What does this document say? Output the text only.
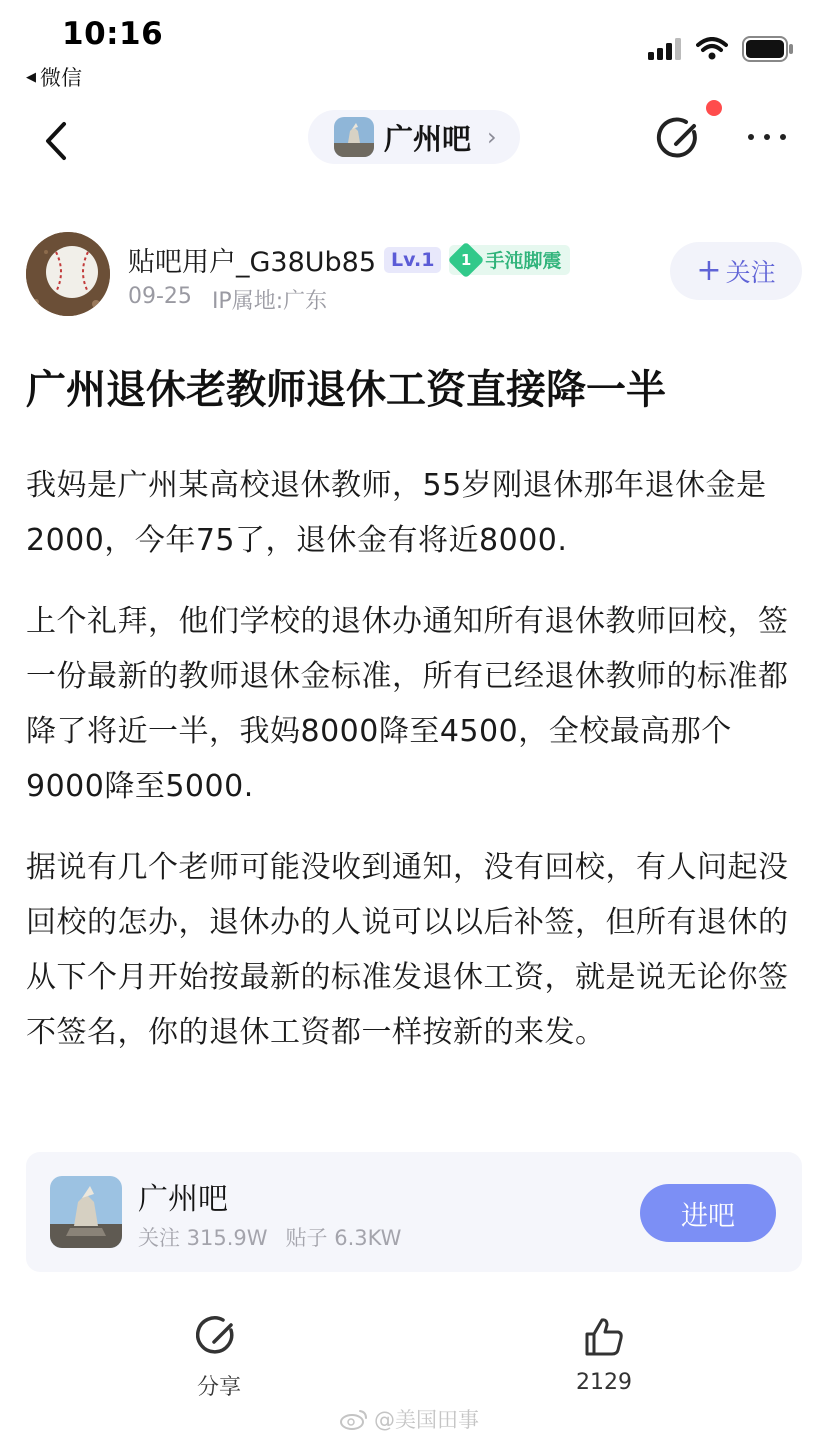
10:16
◀ 微信
广州吧 ›
贴吧用户_G38Ub85 Lv.1	1 手沌脚震
09-25 IP属地:广东
+ 关注
广州退休老教师退休工资直接降一半

我妈是广州某高校退休教师，55岁刚退休那年退休金是2000，今年75了，退休金有将近8000.

上个礼拜，他们学校的退休办通知所有退休教师回校，签一份最新的教师退休金标准，所有已经退休教师的标准都降了将近一半，我妈8000降至4500，全校最高那个9000降至5000.

据说有几个老师可能没收到通知，没有回校，有人问起没回校的怎办，退休办的人说可以以后补签，但所有退休的从下个月开始按最新的标准发退休工资，就是说无论你签不签名，你的退休工资都一样按新的来发。

广州吧
关注 315.9W 贴子 6.3KW
进吧
分享	2129
@美国田事
